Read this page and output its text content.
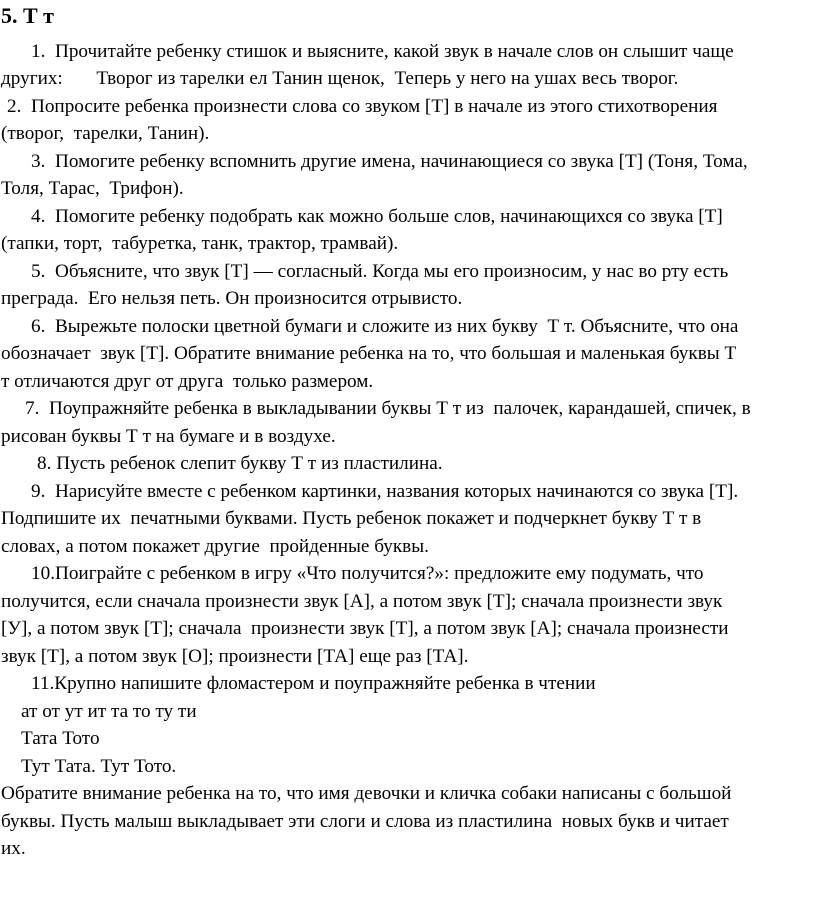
5. Т т
1.  Прочитайте ребенку стишок и выясните, какой звук в начале слов он слышит чаще
других:       Творог из тарелки ел Танин щенок,  Теперь у него на ушах весь творог.
2.  Попросите ребенка произнести слова со звуком [Т] в начале из этого стихотворения
(творог,  тарелки, Танин).
3.  Помогите ребенку вспомнить другие имена, начинающиеся со звука [Т] (Тоня, Тома,
Толя, Тарас,  Трифон).
4.  Помогите ребенку подобрать как можно больше слов, начинающихся со звука [Т]
(тапки, торт,  табуретка, танк, трактор, трамвай).
5.  Объясните, что звук [Т] — согласный. Когда мы его произносим, у нас во рту есть
преграда.  Его нельзя петь. Он произносится отрывисто.
6.  Вырежьте полоски цветной бумаги и сложите из них букву  Т т. Объясните, что она
обозначает  звук [Т]. Обратите внимание ребенка на то, что большая и маленькая буквы Т
т отличаются друг от друга  только размером.
7.  Поупражняйте ребенка в выкладывании буквы Т т из  палочек, карандашей, спичек, в
рисован буквы Т т на бумаге и в воздухе.
8. Пусть ребенок слепит букву Т т из пластилина.
9.  Нарисуйте вместе с ребенком картинки, названия которых начинаются со звука [Т].
Подпишите их  печатными буквами. Пусть ребенок покажет и подчеркнет букву Т т в
словах, а потом покажет другие  пройденные буквы.
10.Поиграйте с ребенком в игру «Что получится?»: предложите ему подумать, что
получится, если сначала произнести звук [А], а потом звук [Т]; сначала произнести звук
[У], а потом звук [Т]; сначала  произнести звук [Т], а потом звук [А]; сначала произнести
звук [Т], а потом звук [О]; произнести [ТА] еще раз [ТА].
11.Крупно напишите фломастером и поупражняйте ребенка в чтении
ат от ут ит та то ту ти
Тата Тото
Тут Тата. Тут Тото.
Обратите внимание ребенка на то, что имя девочки и кличка собаки написаны с большой
буквы. Пусть малыш выкладывает эти слоги и слова из пластилина  новых букв и читает
их.
